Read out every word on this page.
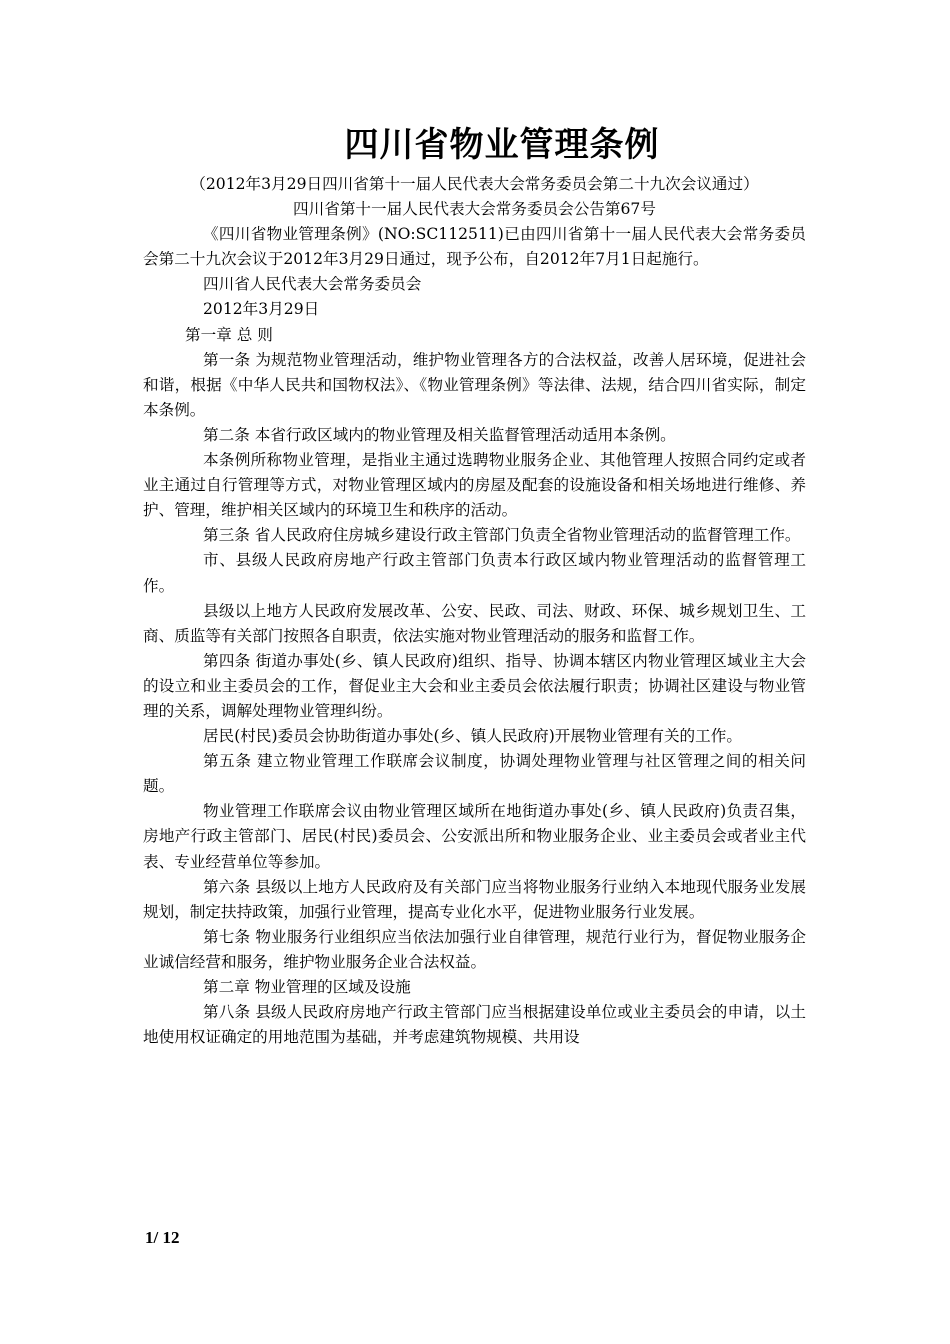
四川省物业管理条例

（2012年3月29日四川省第十一届人民代表大会常务委员会第二十九次会议通过）

四川省第十一届人民代表大会常务委员会公告第67号

《四川省物业管理条例》(NO:SC112511)已由四川省第十一届人民代表大会常务委员会第二十九次会议于2012年3月29日通过，现予公布，自2012年7月1日起施行。

四川省人民代表大会常务委员会

2012年3月29日

第一章 总 则

第一条 为规范物业管理活动，维护物业管理各方的合法权益，改善人居环境，促进社会和谐，根据《中华人民共和国物权法》、《物业管理条例》等法律、法规，结合四川省实际，制定本条例。

第二条 本省行政区域内的物业管理及相关监督管理活动适用本条例。

本条例所称物业管理，是指业主通过选聘物业服务企业、其他管理人按照合同约定或者业主通过自行管理等方式，对物业管理区域内的房屋及配套的设施设备和相关场地进行维修、养护、管理，维护相关区域内的环境卫生和秩序的活动。

第三条 省人民政府住房城乡建设行政主管部门负责全省物业管理活动的监督管理工作。

市、县级人民政府房地产行政主管部门负责本行政区域内物业管理活动的监督管理工作。

县级以上地方人民政府发展改革、公安、民政、司法、财政、环保、城乡规划卫生、工商、质监等有关部门按照各自职责，依法实施对物业管理活动的服务和监督工作。

第四条 街道办事处(乡、镇人民政府)组织、指导、协调本辖区内物业管理区域业主大会的设立和业主委员会的工作，督促业主大会和业主委员会依法履行职责；协调社区建设与物业管理的关系，调解处理物业管理纠纷。

居民(村民)委员会协助街道办事处(乡、镇人民政府)开展物业管理有关的工作。

第五条 建立物业管理工作联席会议制度，协调处理物业管理与社区管理之间的相关问题。

物业管理工作联席会议由物业管理区域所在地街道办事处(乡、镇人民政府)负责召集，房地产行政主管部门、居民(村民)委员会、公安派出所和物业服务企业、业主委员会或者业主代表、专业经营单位等参加。

第六条 县级以上地方人民政府及有关部门应当将物业服务行业纳入本地现代服务业发展规划，制定扶持政策，加强行业管理，提高专业化水平，促进物业服务行业发展。

第七条 物业服务行业组织应当依法加强行业自律管理，规范行业行为，督促物业服务企业诚信经营和服务，维护物业服务企业合法权益。

第二章 物业管理的区域及设施

第八条 县级人民政府房地产行政主管部门应当根据建设单位或业主委员会的申请，以土地使用权证确定的用地范围为基础，并考虑建筑物规模、共用设

1/ 12
